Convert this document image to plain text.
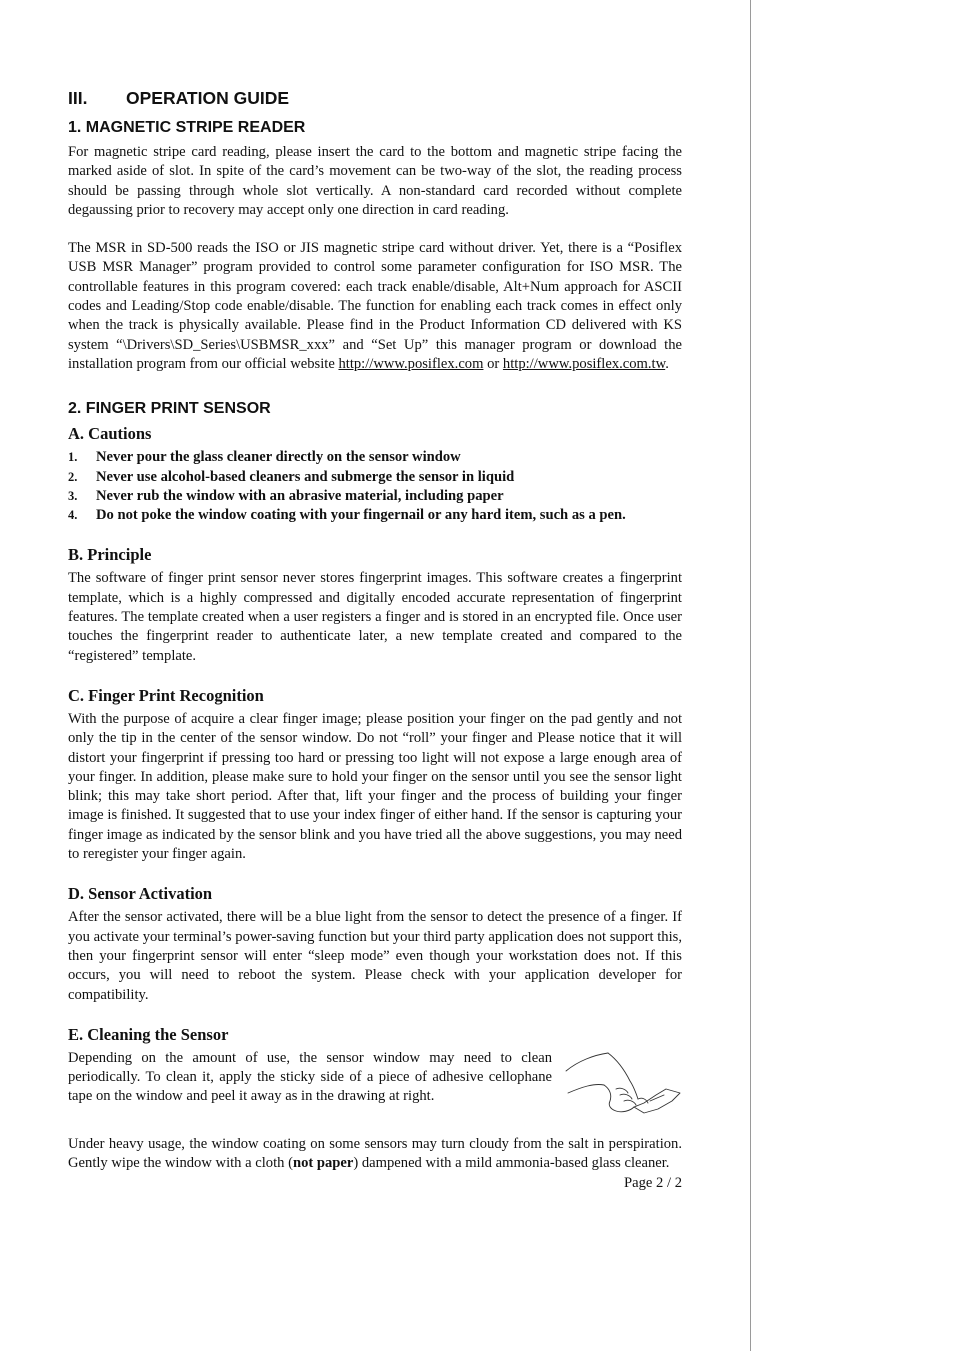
III.	OPERATION GUIDE
1. MAGNETIC STRIPE READER

For magnetic stripe card reading, please insert the card to the bottom and magnetic stripe facing the marked aside of slot. In spite of the card’s movement can be two-way of the slot, the reading process should be passing through whole slot vertically. A non-standard card recorded without complete degaussing prior to recovery may accept only one direction in card reading.

The MSR in SD-500 reads the ISO or JIS magnetic stripe card without driver. Yet, there is a “Posiflex USB MSR Manager” program provided to control some parameter configuration for ISO MSR. The controllable features in this program covered: each track enable/disable, Alt+Num approach for ASCII codes and Leading/Stop code enable/disable. The function for enabling each track comes in effect only when the track is physically available. Please find in the Product Information CD delivered with KS system “\Drivers\SD_Series\USBMSR_xxx” and “Set Up” this manager program or download the installation program from our official website http://www.posiflex.com or http://www.posiflex.com.tw.

2. FINGER PRINT SENSOR
A. Cautions
1.	Never pour the glass cleaner directly on the sensor window
2.	Never use alcohol-based cleaners and submerge the sensor in liquid
3.	Never rub the window with an abrasive material, including paper
4.	Do not poke the window coating with your fingernail or any hard item, such as a pen.
B. Principle

The software of finger print sensor never stores fingerprint images. This software creates a fingerprint template, which is a highly compressed and digitally encoded accurate representation of fingerprint features. The template created when a user registers a finger and is stored in an encrypted file. Once user touches the fingerprint reader to authenticate later, a new template created and compared to the “registered” template.

C. Finger Print Recognition

With the purpose of acquire a clear finger image; please position your finger on the pad gently and not only the tip in the center of the sensor window. Do not “roll” your finger and Please notice that it will distort your fingerprint if pressing too hard or pressing too light will not expose a large enough area of your finger. In addition, please make sure to hold your finger on the sensor until you see the sensor light blink; this may take short period. After that, lift your finger and the process of building your finger image is finished. It suggested that to use your index finger of either hand. If the sensor is capturing your finger image as indicated by the sensor blink and you have tried all the above suggestions, you may need to reregister your finger again.

D. Sensor Activation

After the sensor activated, there will be a blue light from the sensor to detect the presence of a finger. If you activate your terminal’s power-saving function but your third party application does not support this, then your fingerprint sensor will enter “sleep mode” even though your workstation does not. If this occurs, you will need to reboot the system. Please check with your application developer for compatibility.

E. Cleaning the Sensor

Depending on the amount of use, the sensor window may need to clean periodically. To clean it, apply the sticky side of a piece of adhesive cellophane tape on the window and peel it away as in the drawing at right.

Under heavy usage, the window coating on some sensors may turn cloudy from the salt in perspiration. Gently wipe the window with a cloth (not paper) dampened with a mild ammonia-based glass cleaner.

Page 2 / 2
